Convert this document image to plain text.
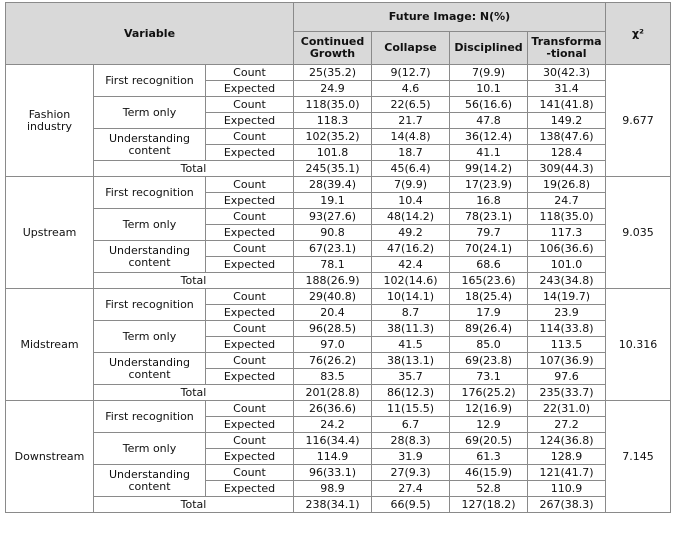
Variable			Future Image: N(%)				χ²
			Continued Growth	Collapse	Disciplined	Transforma -tional	
Fashion industry	First recognition	Count	25(35.2)	9(12.7)	7(9.9)	30(42.3)	9.677
		Expected	24.9	4.6	10.1	31.4	
	Term only	Count	118(35.0)	22(6.5)	56(16.6)	141(41.8)	
		Expected	118.3	21.7	47.8	149.2	
	Understanding content	Count	102(35.2)	14(4.8)	36(12.4)	138(47.6)	
		Expected	101.8	18.7	41.1	128.4	
	Total		245(35.1)	45(6.4)	99(14.2)	309(44.3)	
Upstream	First recognition	Count	28(39.4)	7(9.9)	17(23.9)	19(26.8)	9.035
		Expected	19.1	10.4	16.8	24.7	
	Term only	Count	93(27.6)	48(14.2)	78(23.1)	118(35.0)	
		Expected	90.8	49.2	79.7	117.3	
	Understanding content	Count	67(23.1)	47(16.2)	70(24.1)	106(36.6)	
		Expected	78.1	42.4	68.6	101.0	
	Total		188(26.9)	102(14.6)	165(23.6)	243(34.8)	
Midstream	First recognition	Count	29(40.8)	10(14.1)	18(25.4)	14(19.7)	10.316
		Expected	20.4	8.7	17.9	23.9	
	Term only	Count	96(28.5)	38(11.3)	89(26.4)	114(33.8)	
		Expected	97.0	41.5	85.0	113.5	
	Understanding content	Count	76(26.2)	38(13.1)	69(23.8)	107(36.9)	
		Expected	83.5	35.7	73.1	97.6	
	Total		201(28.8)	86(12.3)	176(25.2)	235(33.7)	
Downstream	First recognition	Count	26(36.6)	11(15.5)	12(16.9)	22(31.0)	7.145
		Expected	24.2	6.7	12.9	27.2	
	Term only	Count	116(34.4)	28(8.3)	69(20.5)	124(36.8)	
		Expected	114.9	31.9	61.3	128.9	
	Understanding content	Count	96(33.1)	27(9.3)	46(15.9)	121(41.7)	
		Expected	98.9	27.4	52.8	110.9	
	Total		238(34.1)	66(9.5)	127(18.2)	267(38.3)	
